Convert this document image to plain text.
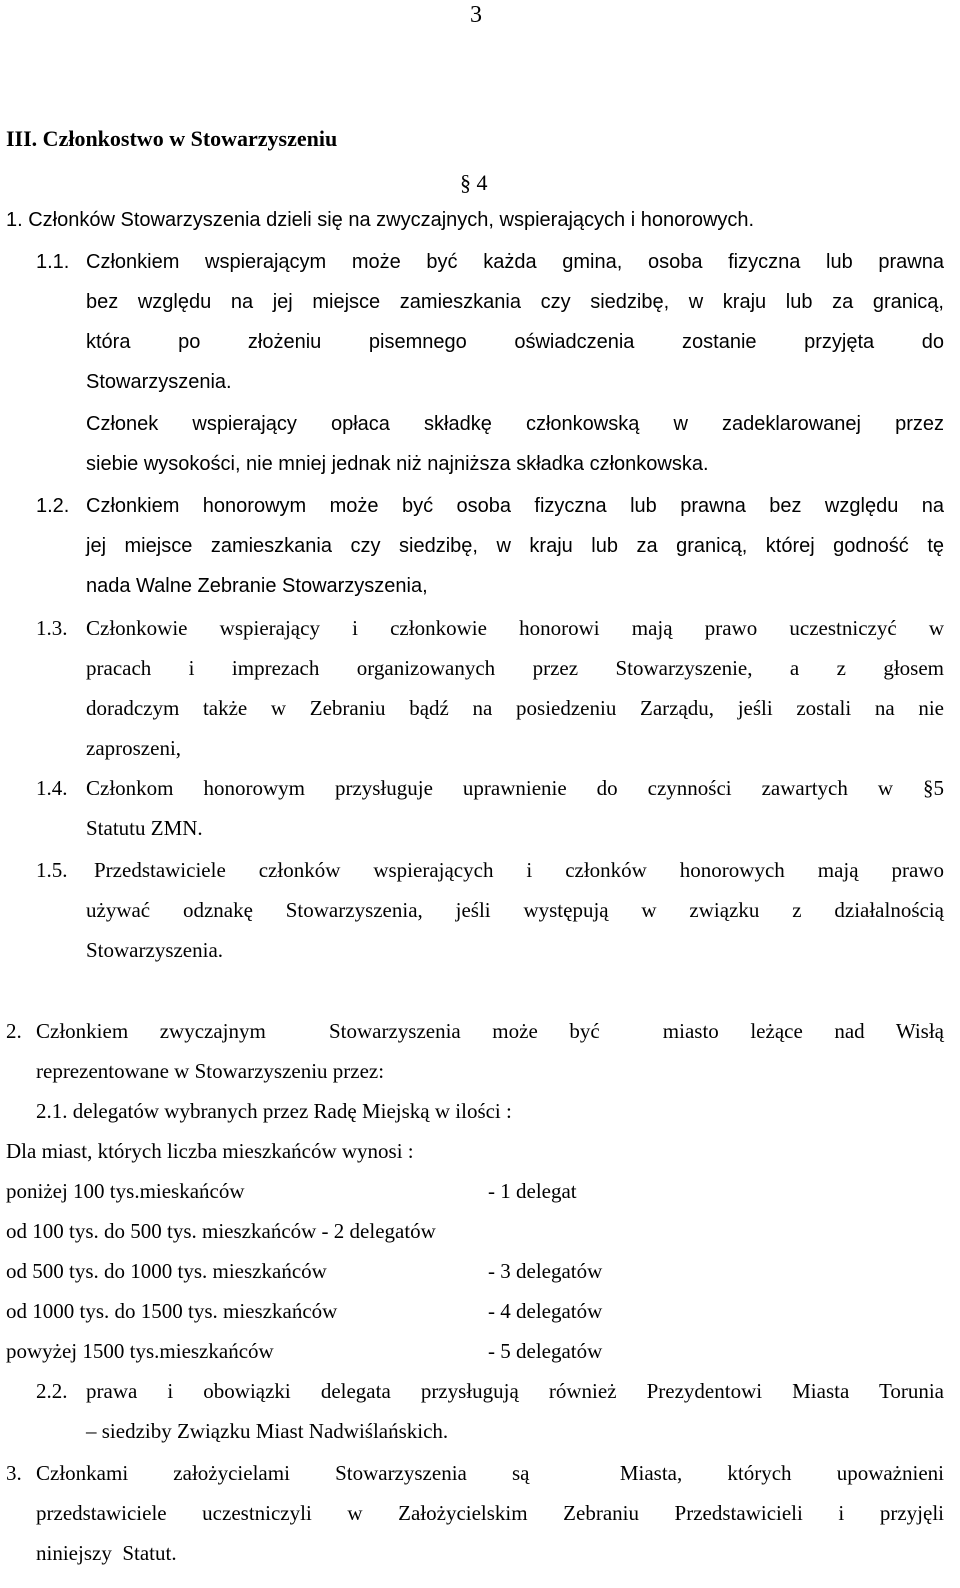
3
III. Członkostwo w Stowarzyszeniu
§ 4
1. Członków Stowarzyszenia dzieli się na zwyczajnych, wspierających i honorowych.
1.1. Członkiem wspierającym może być każda gmina, osoba fizyczna lub prawna
bez względu na jej miejsce zamieszkania czy siedzibę, w kraju lub za granicą,
która po złożeniu pisemnego oświadczenia zostanie przyjęta do
Stowarzyszenia.
Członek wspierający opłaca składkę członkowską w zadeklarowanej przez
siebie wysokości, nie mniej jednak niż najniższa składka członkowska.
1.2. Członkiem honorowym może być osoba fizyczna lub prawna bez względu na
jej miejsce zamieszkania czy siedzibę, w kraju lub za granicą, której godność tę
nada Walne Zebranie Stowarzyszenia,
1.3. Członkowie wspierający i członkowie honorowi mają prawo uczestniczyć w
pracach i imprezach organizowanych przez Stowarzyszenie, a z głosem
doradczym także w Zebraniu bądź na posiedzeniu Zarządu, jeśli zostali na nie
zaproszeni,
1.4. Członkom honorowym przysługuje uprawnienie do czynności zawartych w §5
Statutu ZMN.
1.5. Przedstawiciele członków wspierających i członków honorowych mają prawo
używać odznakę Stowarzyszenia, jeśli występują w związku z działalnością
Stowarzyszenia.
2. Członkiem zwyczajnym  Stowarzyszenia może być  miasto leżące nad Wisłą
reprezentowane w Stowarzyszeniu przez:
2.1. delegatów wybranych przez Radę Miejską w ilości :
Dla miast, których liczba mieszkańców wynosi :
poniżej 100 tys.mieskańców	- 1 delegat
od 100 tys. do 500 tys. mieszkańców - 2 delegatów
od 500 tys. do 1000 tys. mieszkańców	- 3 delegatów
od 1000 tys. do 1500 tys. mieszkańców	- 4 delegatów
powyżej 1500 tys.mieszkańców	- 5 delegatów
2.2. prawa i obowiązki delegata przysługują również Prezydentowi Miasta Torunia
– siedziby Związku Miast Nadwiślańskich.
3. Członkami założycielami Stowarzyszenia są  Miasta, których upoważnieni
przedstawiciele uczestniczyli w Założycielskim Zebraniu Przedstawicieli i przyjęli
niniejszy  Statut.
